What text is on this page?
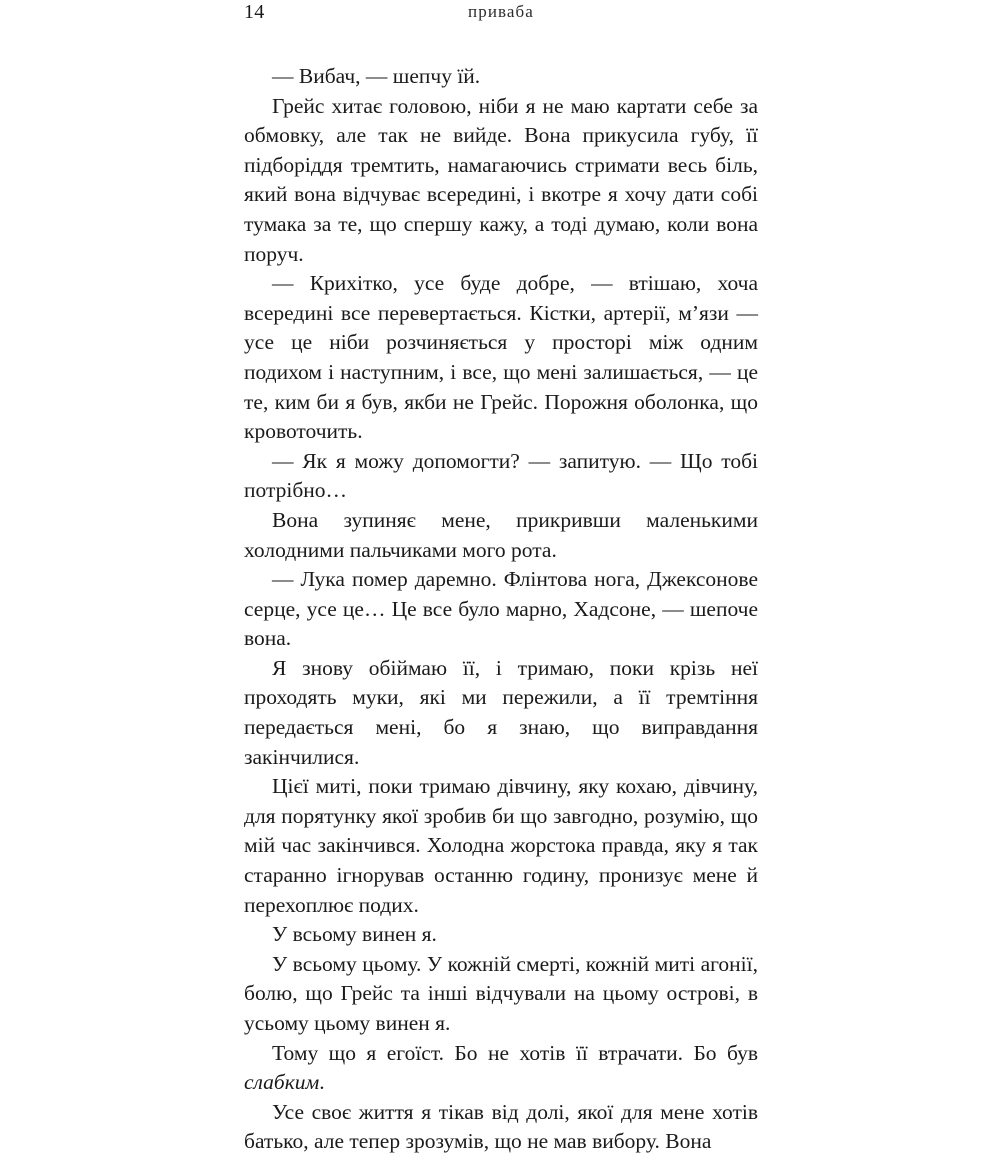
14	приваба

— Вибач, — шепчу їй.

Грейс хитає головою, ніби я не маю картати себе за обмовку, але так не вийде. Вона прикусила губу, її підборіддя тремтить, намагаючись стримати весь біль, який вона відчуває всередині, і вкотре я хочу дати собі тумака за те, що спершу кажу, а тоді думаю, коли вона поруч.

— Крихітко, усе буде добре, — втішаю, хоча всередині все перевертається. Кістки, артерії, м’язи — усе це ніби розчиняється у просторі між одним подихом і наступним, і все, що мені залишається, — це те, ким би я був, якби не Грейс. Порожня оболонка, що кровоточить.

— Як я можу допомогти? — запитую. — Що тобі потрібно…

Вона зупиняє мене, прикривши маленькими холодними пальчиками мого рота.

— Лука помер даремно. Флінтова нога, Джексонове серце, усе це… Це все було марно, Хадсоне, — шепоче вона.

Я знову обіймаю її, і тримаю, поки крізь неї проходять муки, які ми пережили, а її тремтіння передається мені, бо я знаю, що виправдання закінчилися.

Цієї миті, поки тримаю дівчину, яку кохаю, дівчину, для порятунку якої зробив би що завгодно, розумію, що мій час закінчився. Холодна жорстока правда, яку я так старанно ігнорував останню годину, пронизує мене й перехоплює подих.

У всьому винен я.

У всьому цьому. У кожній смерті, кожній миті агонії, болю, що Грейс та інші відчували на цьому острові, в усьому цьому винен я.

Тому що я егоїст. Бо не хотів її втрачати. Бо був слабким.

Усе своє життя я тікав від долі, якої для мене хотів батько, але тепер зрозумів, що не мав вибору. Вона
